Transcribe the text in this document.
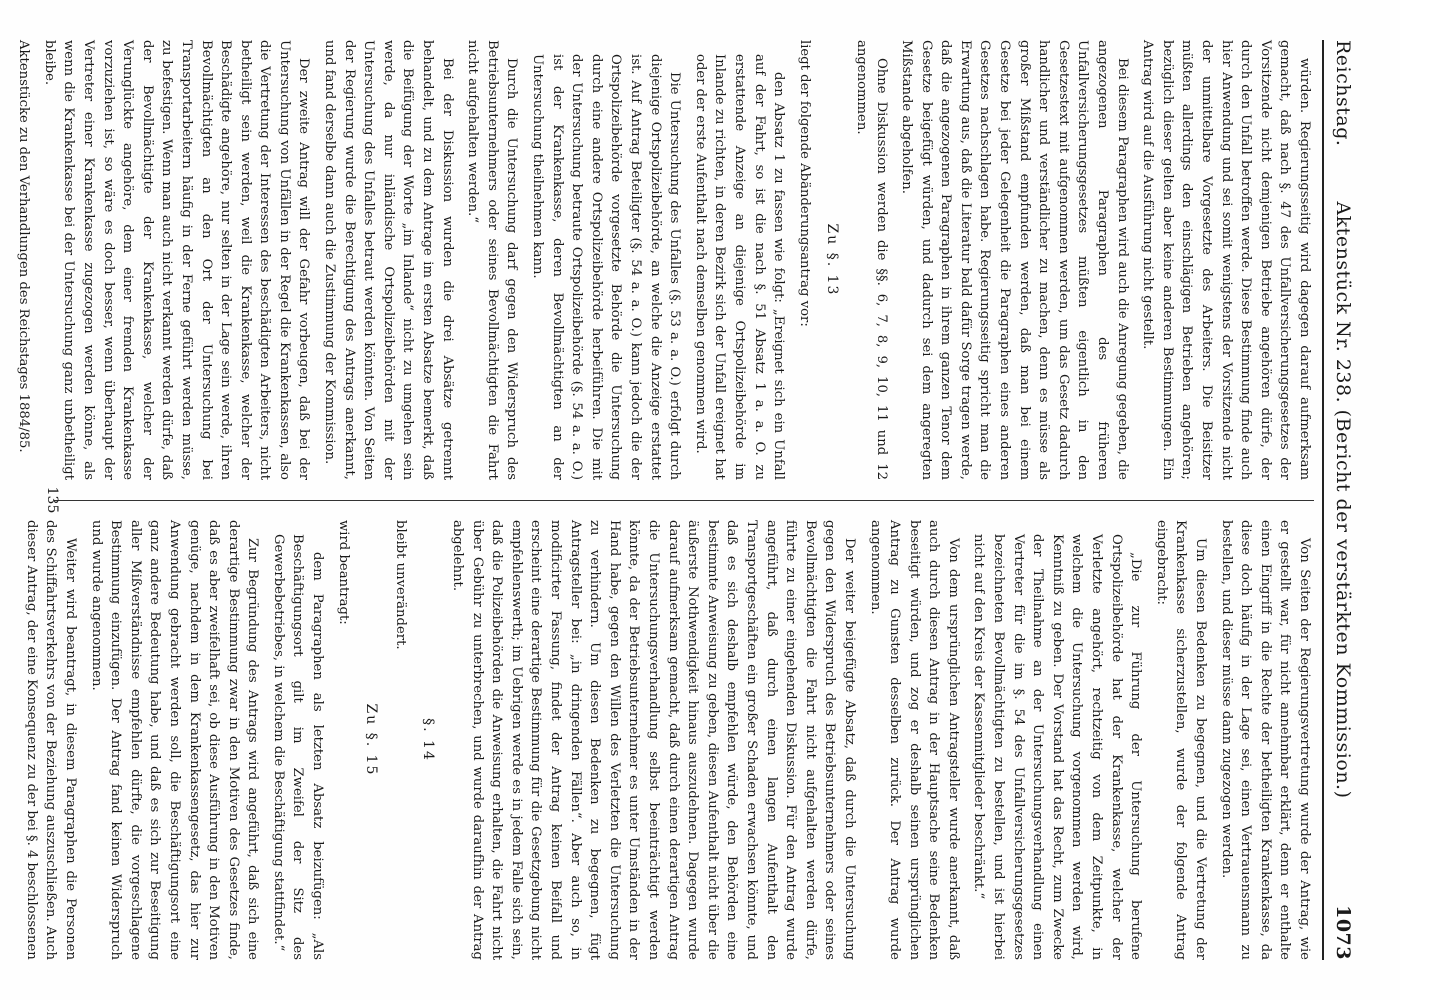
Reichstag.
Aktenstück Nr. 238. (Bericht der verstärkten Kommission.)
1073

würden. Regierungsseitig wird dagegen darauf aufmerksam gemacht, daß nach §. 47 des Unfallversicherungsgesetzes der Vorsitzende nicht demjenigen Betriebe angehören dürfe, der durch den Unfall betroffen werde. Diese Bestimmung finde auch hier Anwendung und sei somit wenigstens der Vorsitzende nicht der unmittelbare Vorgesetzte des Arbeiters. Die Beisitzer müßten allerdings den einschlägigen Betrieben angehören; bezüglich dieser gelten aber keine anderen Bestimmungen. Ein Antrag wird auf die Ausführung nicht gestellt.

Bei diesem Paragraphen wird auch die Anregung gegeben, die angezogenen Paragraphen des früheren Unfallversicherungsgesetzes müßten eigentlich in den Gesetzestext mit aufgenommen werden, um das Gesetz dadurch handlicher und verständlicher zu machen, denn es müsse als großer Mißstand empfunden werden, daß man bei einem Gesetze bei jeder Gelegenheit die Paragraphen eines anderen Gesetzes nachschlagen habe. Regierungsseitig spricht man die Erwartung aus, daß die Literatur bald dafür Sorge tragen werde, daß die angezogenen Paragraphen in ihrem ganzen Tenor dem Gesetze beigefügt würden, und dadurch sei dem angeregten Mißstande abgeholfen.

Ohne Diskussion werden die §§. 6, 7, 8, 9, 10, 11 und 12 angenommen.

Zu §. 13

liegt der folgende Abänderungsantrag vor:

den Absatz 1 zu fassen wie folgt: „Ereignet sich ein Unfall auf der Fahrt, so ist die nach §. 51 Absatz 1 a. a. O. zu erstattende Anzeige an diejenige Ortspolizeibehörde im Inlande zu richten, in deren Bezirk sich der Unfall ereignet hat oder der erste Aufenthalt nach demselben genommen wird.

Die Untersuchung des Unfalles (§. 53 a. a. O.) erfolgt durch diejenige Ortspolizeibehörde, an welche die Anzeige erstattet ist. Auf Antrag Beteiligter (§. 54 a. a. O.) kann jedoch die der Ortspolizeibehörde vorgesetzte Behörde die Untersuchung durch eine andere Ortspolizeibehörde herbeiführen. Die mit der Untersuchung betraute Ortspolizeibehörde (§. 54 a. a. O.) ist der Krankenkasse, deren Bevollmächtigten an der Untersuchung theilnehmen kann.

Durch die Untersuchung darf gegen den Widerspruch des Betriebsunternehmers oder seines Bevollmächtigten die Fahrt nicht aufgehalten werden.“

Bei der Diskussion wurden die drei Absätze getrennt behandelt, und zu dem Antrage im ersten Absatze bemerkt, daß die Beifügung der Worte „im Inlande“ nicht zu umgehen sein werde, da nur inländische Ortspolizeibehörden mit der Untersuchung des Unfalles betraut werden könnten. Von Seiten der Regierung wurde die Berechtigung des Antrags anerkannt, und fand derselbe dann auch die Zustimmung der Kommission.

Der zweite Antrag will der Gefahr vorbeugen, daß bei der Untersuchung von Unfällen in der Regel die Krankenkassen, also die Vertretung der Interessen des beschädigten Arbeiters, nicht betheiligt sein werden, weil die Krankenkasse, welcher der Beschädigte angehöre, nur selten in der Lage sein werde, ihren Bevollmächtigten an den Ort der Untersuchung bei Transportarbeitern häufig in der Ferne geführt werden müsse, zu befestigen. Wenn man auch nicht verkannt werden dürfe, daß der Bevollmächtigte der Krankenkasse, welcher der Verunglückte angehöre, dem einer fremden Krankenkasse vorzuziehen ist, so wäre es doch besser, wenn überhaupt der Vertreter einer Krankenkasse zugezogen werden könne, als wenn die Krankenkasse bei der Untersuchung ganz unbetheiligt bleibe.

Aktenstücke zu den Verhandlungen des Reichstages 1884/85.

Von Seiten der Regierungsvertretung wurde der Antrag, wie er gestellt war, für nicht annehmbar erklärt, denn er enthalte einen Eingriff in die Rechte der betheiligten Krankenkasse, da diese doch häufig in der Lage sei, einen Vertrauensmann zu bestellen, und dieser müsse dann zugezogen werden.

Um diesen Bedenken zu begegnen, und die Vertretung der Krankenkasse sicherzustellen, wurde der folgende Antrag eingebracht:

„Die zur Führung der Untersuchung berufene Ortspolizeibehörde hat der Krankenkasse, welcher der Verletzte angehört, rechtzeitig von dem Zeitpunkte, in welchem die Untersuchung vorgenommen werden wird, Kenntniß zu geben. Der Vorstand hat das Recht, zum Zwecke der Theilnahme an der Untersuchungsverhandlung einen Vertreter für die im §. 54 des Unfallversicherungsgesetzes bezeichneten Bevollmächtigten zu bestellen, und ist hierbei nicht auf den Kreis der Kassenmitglieder beschränkt.“

Von dem ursprünglichen Antragsteller wurde anerkannt, daß auch durch diesen Antrag in der Hauptsache seine Bedenken beseitigt würden, und zog er deshalb seinen ursprünglichen Antrag zu Gunsten desselben zurück. Der Antrag wurde angenommen.

Der weiter beigefügte Absatz, daß durch die Untersuchung gegen den Widerspruch des Betriebsunternehmers oder seines Bevollmächtigten die Fahrt nicht aufgehalten werden dürfe, führte zu einer eingehenden Diskussion. Für den Antrag wurde angeführt, daß durch einen langen Aufenthalt den Transportgeschäften ein großer Schaden erwachsen könnte, und daß es sich deshalb empfehlen würde, den Behörden eine bestimmte Anweisung zu geben, diesen Aufenthalt nicht über die äußerste Nothwendigkeit hinaus auszudehnen. Dagegen wurde darauf aufmerksam gemacht, daß durch einen derartigen Antrag die Untersuchungsverhandlung selbst beeinträchtigt werden könnte, da der Betriebsunternehmer es unter Umständen in der Hand habe, gegen den Willen des Verletzten die Untersuchung zu verhindern. Um diesen Bedenken zu begegnen, fügt Antragsteller bei: „in dringenden Fällen“. Aber auch so, in modificirter Fassung, findet der Antrag keinen Beifall und erscheint eine derartige Bestimmung für die Gesetzgebung nicht empfehlenswerth; im Uebrigen werde es in jedem Falle sich sein, daß die Polizeibehörden die Anweisung erhalten, die Fahrt nicht über Gebühr zu unterbrechen, und wurde daraufhin der Antrag abgelehnt.

§. 14

bleibt unverändert.

Zu §. 15

wird beantragt:

dem Paragraphen als letzten Absatz beizufügen: „Als Beschäftigungsort gilt im Zweifel der Sitz des Gewerbebetriebes, in welchem die Beschäftigung stattfindet.“

Zur Begründung des Antrags wird angeführt, daß sich eine derartige Bestimmung zwar in den Motiven des Gesetzes finde, daß es aber zweifelhaft sei, ob diese Ausführung in den Motiven genüge, nachdem in dem Krankenkassengesetz, das hier zur Anwendung gebracht werden soll, die Beschäftigungsort eine ganz andere Bedeutung habe, und daß es sich zur Beseitigung aller Mißverständnisse empfehlen dürfte, die vorgeschlagene Bestimmung einzufügen. Der Antrag fand keinen Widerspruch und wurde angenommen.

Weiter wird beantragt, in diesem Paragraphen die Personen des Schiffahrtsverkehrs von der Beziehung auszuschließen. Auch dieser Antrag, der eine Konsequenz zu der bei §. 4 beschlossenen

135
